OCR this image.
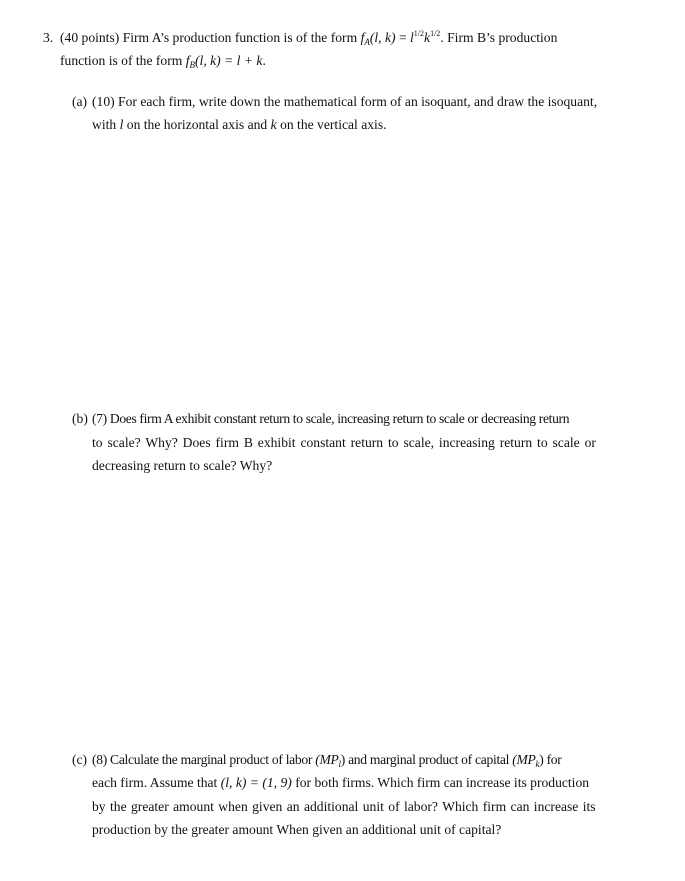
3. (40 points) Firm A’s production function is of the form $f_A(l$, $k) = l^{1/2}k^{1/2}$. Firm B’s production
function is of the form $f_B(l$, k) = l + k.
(a) (10) For each firm, write down the mathematical form of an isoquant, and draw the isoquant,
with l on the horizontal axis and k on the vertical axis.
(b) (7) Does firm A exhibit constant return to scale, increasing return to scale or decreasing return
to scale? Why? Does firm B exhibit constant return to scale, increasing return to scale or
decreasing return to scale? Why?
(c) (8) Calculate the marginal product of labor $(MP_l)$ and marginal product of capital $(MP_k)$ for
each firm. Assume that (l, k) = (1, 9) for both firms. Which firm can increase its production
by the greater amount when given an additional unit of labor? Which firm can increase its
production by the greater amount When given an additional unit of capital?
